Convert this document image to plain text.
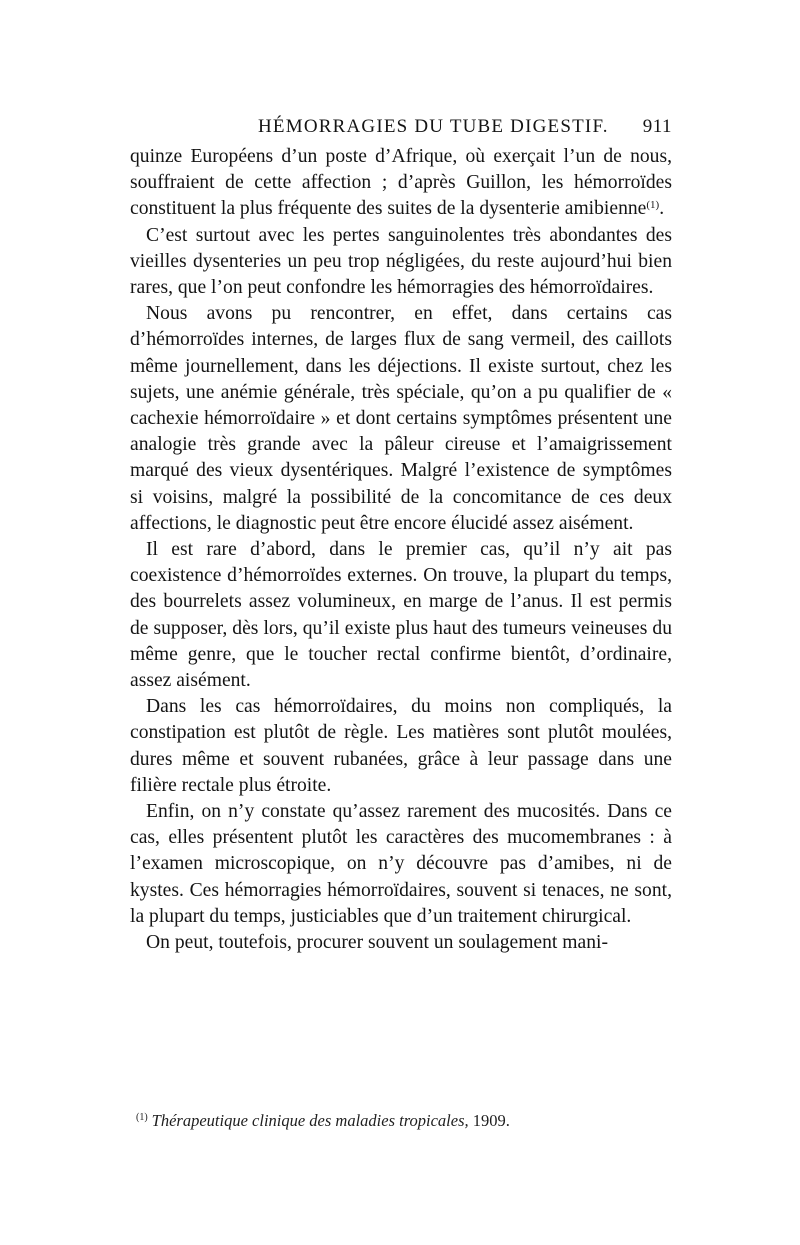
HÉMORRAGIES DU TUBE DIGESTIF. 911

quinze Européens d’un poste d’Afrique, où exerçait l’un de nous, souffraient de cette affection ; d’après Guillon, les hémorroïdes constituent la plus fréquente des suites de la dysenterie amibienne$^{(1)}$.

C’est surtout avec les pertes sanguinolentes très abondantes des vieilles dysenteries un peu trop négligées, du reste aujourd’hui bien rares, que l’on peut confondre les hémorragies des hémorroïdaires.

Nous avons pu rencontrer, en effet, dans certains cas d’hémorroïdes internes, de larges flux de sang vermeil, des caillots même journellement, dans les déjections. Il existe surtout, chez les sujets, une anémie générale, très spéciale, qu’on a pu qualifier de « cachexie hémorroïdaire » et dont certains symptômes présentent une analogie très grande avec la pâleur cireuse et l’amaigrissement marqué des vieux dysentériques. Malgré l’existence de symptômes si voisins, malgré la possibilité de la concomitance de ces deux affections, le diagnostic peut être encore élucidé assez aisément.

Il est rare d’abord, dans le premier cas, qu’il n’y ait pas coexistence d’hémorroïdes externes. On trouve, la plupart du temps, des bourrelets assez volumineux, en marge de l’anus. Il est permis de supposer, dès lors, qu’il existe plus haut des tumeurs veineuses du même genre, que le toucher rectal confirme bientôt, d’ordinaire, assez aisément.

Dans les cas hémorroïdaires, du moins non compliqués, la constipation est plutôt de règle. Les matières sont plutôt moulées, dures même et souvent rubanées, grâce à leur passage dans une filière rectale plus étroite.

Enfin, on n’y constate qu’assez rarement des mucosités. Dans ce cas, elles présentent plutôt les caractères des mucomembranes : à l’examen microscopique, on n’y découvre pas d’amibes, ni de kystes. Ces hémorragies hémorroïdaires, souvent si tenaces, ne sont, la plupart du temps, justiciables que d’un traitement chirurgical.

On peut, toutefois, procurer souvent un soulagement mani-

$^{(1)}$ Thérapeutique clinique des maladies tropicales, 1909.
